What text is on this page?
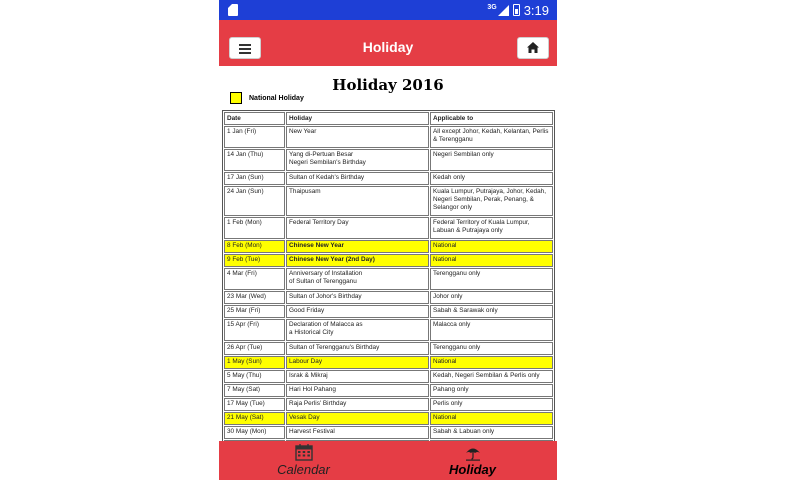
3G 3:19
Holiday
Holiday 2016
National Holiday
Date	Holiday	Applicable to
1 Jan (Fri)	New Year	All except Johor, Kedah, Kelantan, Perlis
& Terengganu

14 Jan (Thu)	Yang di-Pertuan Besar
Negeri Sembilan's Birthday	Negeri Sembilan only

17 Jan (Sun)	Sultan of Kedah's Birthday	Kedah only

24 Jan (Sun)	Thaipusam	Kuala Lumpur, Putrajaya, Johor, Kedah,
Negeri Sembilan, Perak, Penang, &
Selangor only

1 Feb (Mon)	Federal Territory Day	Federal Territory of Kuala Lumpur,
Labuan & Putrajaya only

8 Feb (Mon)	Chinese New Year	National

9 Feb (Tue)	Chinese New Year (2nd Day)	National

4 Mar (Fri)	Anniversary of Installation
of Sultan of Terengganu	Terengganu only

23 Mar (Wed)	Sultan of Johor's Birthday	Johor only

25 Mar (Fri)	Good Friday	Sabah & Sarawak only

15 Apr (Fri)	Declaration of Malacca as
a Historical City	Malacca only

26 Apr (Tue)	Sultan of Terengganu's Birthday	Terengganu only

1 May (Sun)	Labour Day	National

5 May (Thu)	Israk & Mikraj	Kedah, Negeri Sembilan & Perlis only

7 May (Sat)	Hari Hol Pahang	Pahang only

17 May (Tue)	Raja Perlis' Birthday	Perlis only

21 May (Sat)	Vesak Day	National

30 May (Mon)	Harvest Festival	Sabah & Labuan only

Calendar	Holiday
